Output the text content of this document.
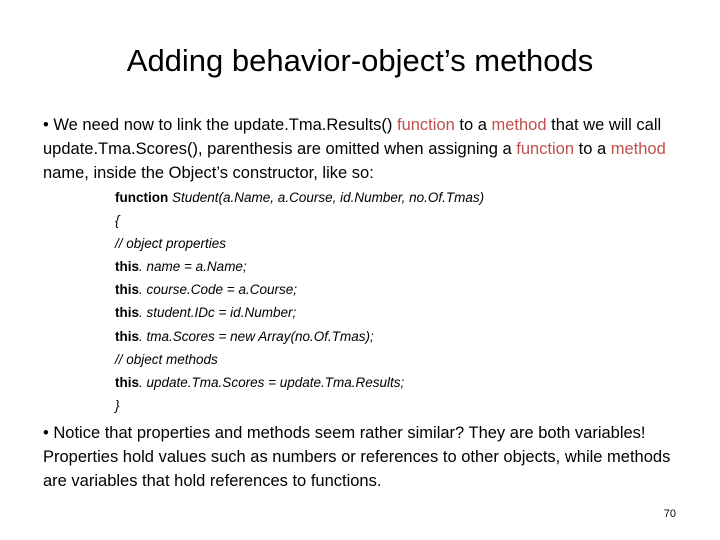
Adding behavior-object’s methods
• We need now to link the update.Tma.Results() function to a method that we will call update.Tma.Scores(), parenthesis are omitted when assigning a function to a method name, inside the Object’s constructor, like so:
function Student(a.Name, a.Course, id.Number, no.Of.Tmas)
{
// object properties
this. name = a.Name;
this. course.Code = a.Course;
this. student.IDc = id.Number;
this. tma.Scores = new Array(no.Of.Tmas);
// object methods
this. update.Tma.Scores = update.Tma.Results;
}
• Notice that properties and methods seem rather similar? They are both variables! Properties hold values such as numbers or references to other objects, while methods are variables that hold references to functions.
70
